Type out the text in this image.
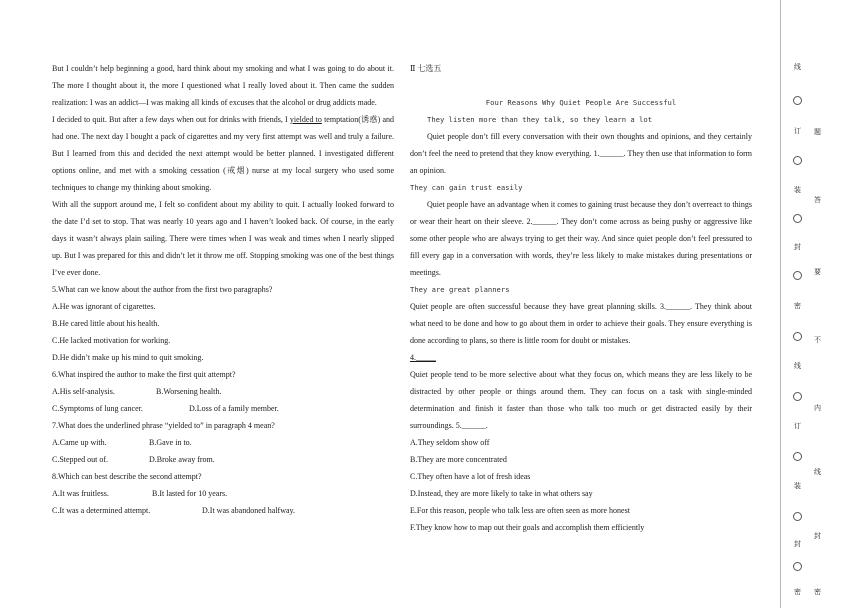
But I couldn’t help beginning a good, hard think about my smoking and what I was going to do about it. The more I thought about it, the more I questioned what I really loved about it. Then came the sudden realization: I was an addict—I was making all kinds of excuses that the alcohol or drug addicts made.

I decided to quit. But after a few days when out for drinks with friends, I yielded to temptation(诱惑) and had one. The next day I bought a pack of cigarettes and my very first attempt was well and truly a failure. But I learned from this and decided the next attempt would be better planned. I investigated different options online, and met with a smoking cessation (戒烟) nurse at my local surgery who used some techniques to change my thinking about smoking.

With all the support around me, I felt so confident about my ability to quit. I actually looked forward to the date I’d set to stop. That was nearly 10 years ago and I haven’t looked back. Of course, in the early days it wasn’t always plain sailing. There were times when I was weak and times when I nearly slipped up. But I was prepared for this and didn’t let it throw me off. Stopping smoking was one of the best things I’ve ever done.

5.What can we know about the author from the first two paragraphs?

A.He was ignorant of cigarettes.

B.He cared little about his health.

C.He lacked motivation for working.

D.He didn’t make up his mind to quit smoking.

6.What inspired the author to make the first quit attempt?

A.His self-analysis.	B.Worsening health.

C.Symptoms of lung cancer.	D.Loss of a family member.

7.What does the underlined phrase “yielded to” in paragraph 4 mean?

A.Came up with.	B.Gave in to.

C.Stepped out of.	D.Broke away from.

8.Which can best describe the second attempt?

A.It was fruitless.	B.It lasted for 10 years.

C.It was a determined attempt.	D.It was abandoned halfway.

Ⅱ 七选五

Four Reasons Why Quiet People Are Successful

They listen more than they talk, so they learn a lot

Quiet people don’t fill every conversation with their own thoughts and opinions, and they certainly don’t feel the need to pretend that they know everything. 1.______. They then use that information to form an opinion.

They can gain trust easily

Quiet people have an advantage when it comes to gaining trust because they don’t overreact to things or wear their heart on their sleeve. 2.______. They don’t come across as being pushy or aggressive like some other people who are always trying to get their way. And since quiet people don’t feel pressured to fill every gap in a conversation with words, they’re less likely to make mistakes during presentations or meetings.

They are great planners

Quiet people are often successful because they have great planning skills. 3.______. They think about what need to be done and how to go about them in order to achieve their goals. They ensure everything is done according to plans, so there is little room for doubt or mistakes.

4._____

Quiet people tend to be more selective about what they focus on, which means they are less likely to be distracted by other people or things around them. They can focus on a task with single-minded determination and finish it faster than those who talk too much or get distracted easily by their surroundings. 5.______.

A.They seldom show off

B.They are more concentrated

C.They often have a lot of fresh ideas

D.Instead, they are more likely to take in what others say

E.For this reason, people who talk less are often seen as more honest

F.They know how to map out their goals and accomplish them efficiently

线
订
装
封
密
线
订
装
封
密
题
答
要
不
内
线
封
密
